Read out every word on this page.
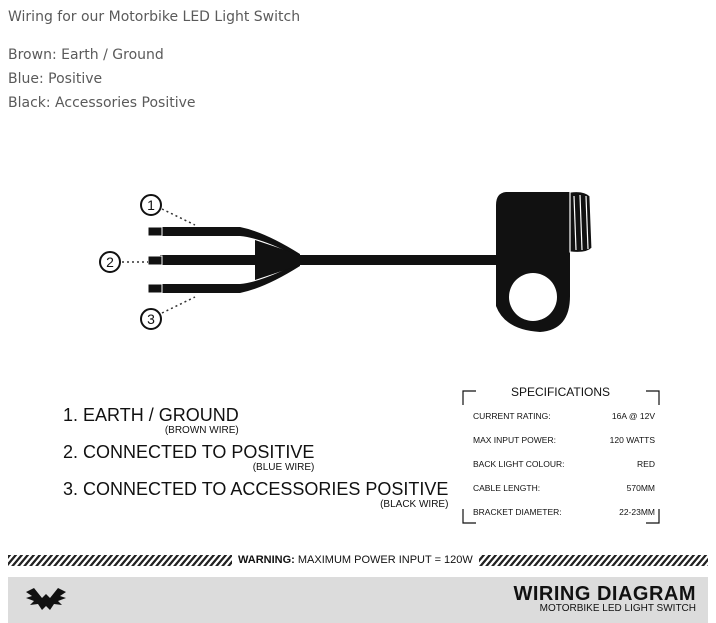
Wiring for our Motorbike LED Light Switch
Brown: Earth / Ground
Blue: Positive
Black: Accessories Positive
1
2
3
1. EARTH / GROUND
(BROWN WIRE)
2. CONNECTED TO POSITIVE
(BLUE WIRE)
3. CONNECTED TO ACCESSORIES POSITIVE
(BLACK WIRE)
SPECIFICATIONS
CURRENT RATING:	16A @ 12V
MAX INPUT POWER:	120 WATTS
BACK LIGHT COLOUR:	RED
CABLE LENGTH:	570MM
BRACKET DIAMETER:	22-23MM
WARNING: MAXIMUM POWER INPUT = 120W
WIRING DIAGRAM
MOTORBIKE LED LIGHT SWITCH
